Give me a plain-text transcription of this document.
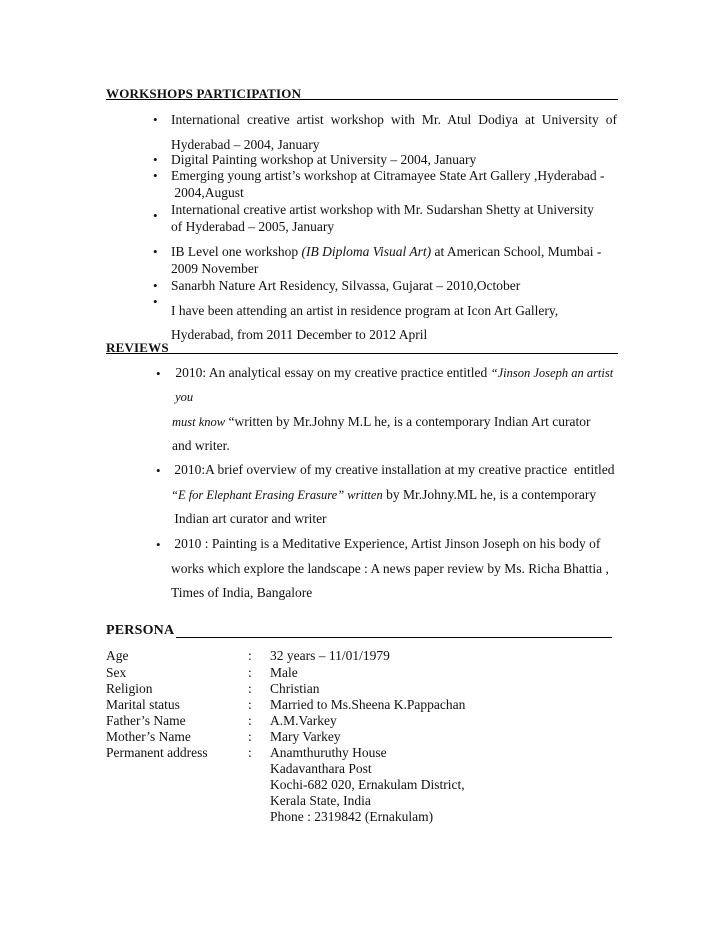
WORKSHOPS PARTICIPATION
• International creative artist workshop with Mr. Atul Dodiya at University of
Hyderabad – 2004, January
• Digital Painting workshop at University – 2004, January
• Emerging young artist’s workshop at Citramayee State Art Gallery ,Hyderabad -
2004,August
• International creative artist workshop with Mr. Sudarshan Shetty at University
of Hyderabad – 2005, January
• IB Level one workshop (IB Diploma Visual Art) at American School, Mumbai -
2009 November
• Sanarbh Nature Art Residency, Silvassa, Gujarat – 2010,October
•
I have been attending an artist in residence program at Icon Art Gallery,
Hyderabad, from 2011 December to 2012 April
REVIEWS
• 2010: An analytical essay on my creative practice entitled “Jinson Joseph an artist
you
must know “written by Mr.Johny M.L he, is a contemporary Indian Art curator
and writer.
• 2010:A brief overview of my creative installation at my creative practice  entitled
“E for Elephant Erasing Erasure” written by Mr.Johny.ML he, is a contemporary
Indian art curator and writer
• 2010 : Painting is a Meditative Experience, Artist Jinson Joseph on his body of
works which explore the landscape : A news paper review by Ms. Richa Bhattia ,
Times of India, Bangalore
PERSONA
Age	: 32 years – 11/01/1979
Sex	: Male
Religion	: Christian
Marital status	: Married to Ms.Sheena K.Pappachan
Father’s Name	: A.M.Varkey
Mother’s Name	: Mary Varkey
Permanent address	: Anamthuruthy House
Kadavanthara Post
Kochi-682 020, Ernakulam District,
Kerala State, India
Phone : 2319842 (Ernakulam)
